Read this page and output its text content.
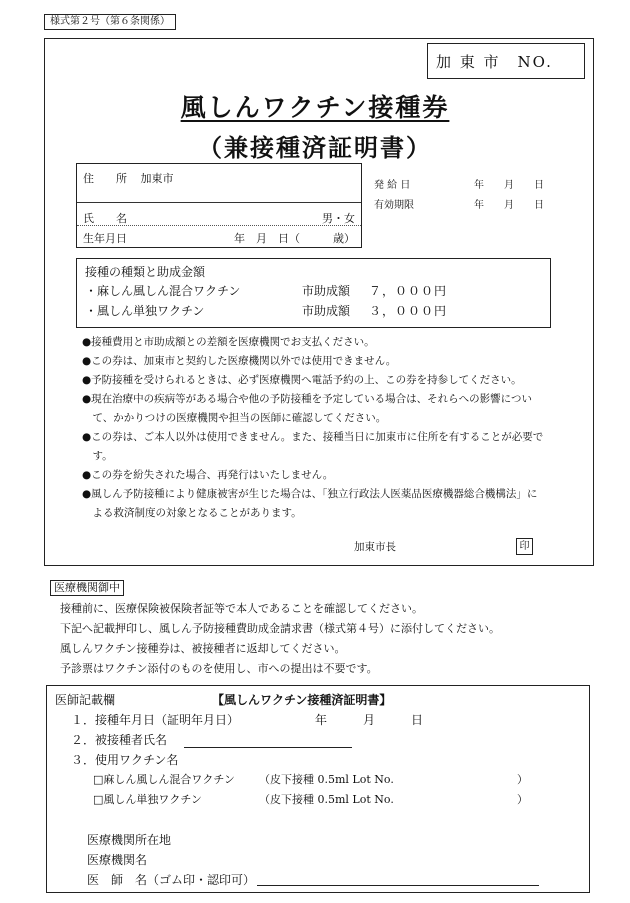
様式第２号（第６条関係）
加 東 市　NO.
風しんワクチン接種券
（兼接種済証明書）
住　　所 加東市
氏　　名	男・女
生年月日	年　月　日（　　　歳）
発 給 日	年　　月　　日
有効期限	年　　月　　日
接種の種類と助成金額
・麻しん風しん混合ワクチン	市助成額 ７，０００円
・風しん単独ワクチン	市助成額 ３，０００円
●接種費用と市助成額との差額を医療機関でお支払ください。
●この券は、加東市と契約した医療機関以外では使用できません。
●予防接種を受けられるときは、必ず医療機関へ電話予約の上、この券を持参してください。
●現在治療中の疾病等がある場合や他の予防接種を予定している場合は、それらへの影響につい
　て、かかりつけの医療機関や担当の医師に確認してください。
●この券は、ご本人以外は使用できません。また、接種当日に加東市に住所を有することが必要で
　す。
●この券を紛失された場合、再発行はいたしません。
●風しん予防接種により健康被害が生じた場合は、「独立行政法人医薬品医療機器総合機構法」に
　よる救済制度の対象となることがあります。
加東市長	印
医療機関御中
接種前に、医療保険被保険者証等で本人であることを確認してください。
下記へ記載押印し、風しん予防接種費助成金請求書（様式第４号）に添付してください。
風しんワクチン接種券は、被接種者に返却してください。
予診票はワクチン添付のものを使用し、市への提出は不要です。
医師記載欄	【風しんワクチン接種済証明書】
１．接種年月日（証明年月日）	年　　　月　　　日
２．被接種者氏名
３．使用ワクチン名
□麻しん風しん混合ワクチン （皮下接種 0.5ml Lot No.	）
□風しん単独ワクチン	（皮下接種 0.5ml Lot No.	）
医療機関所在地
医療機関名
医　師　名（ゴム印・認印可）
